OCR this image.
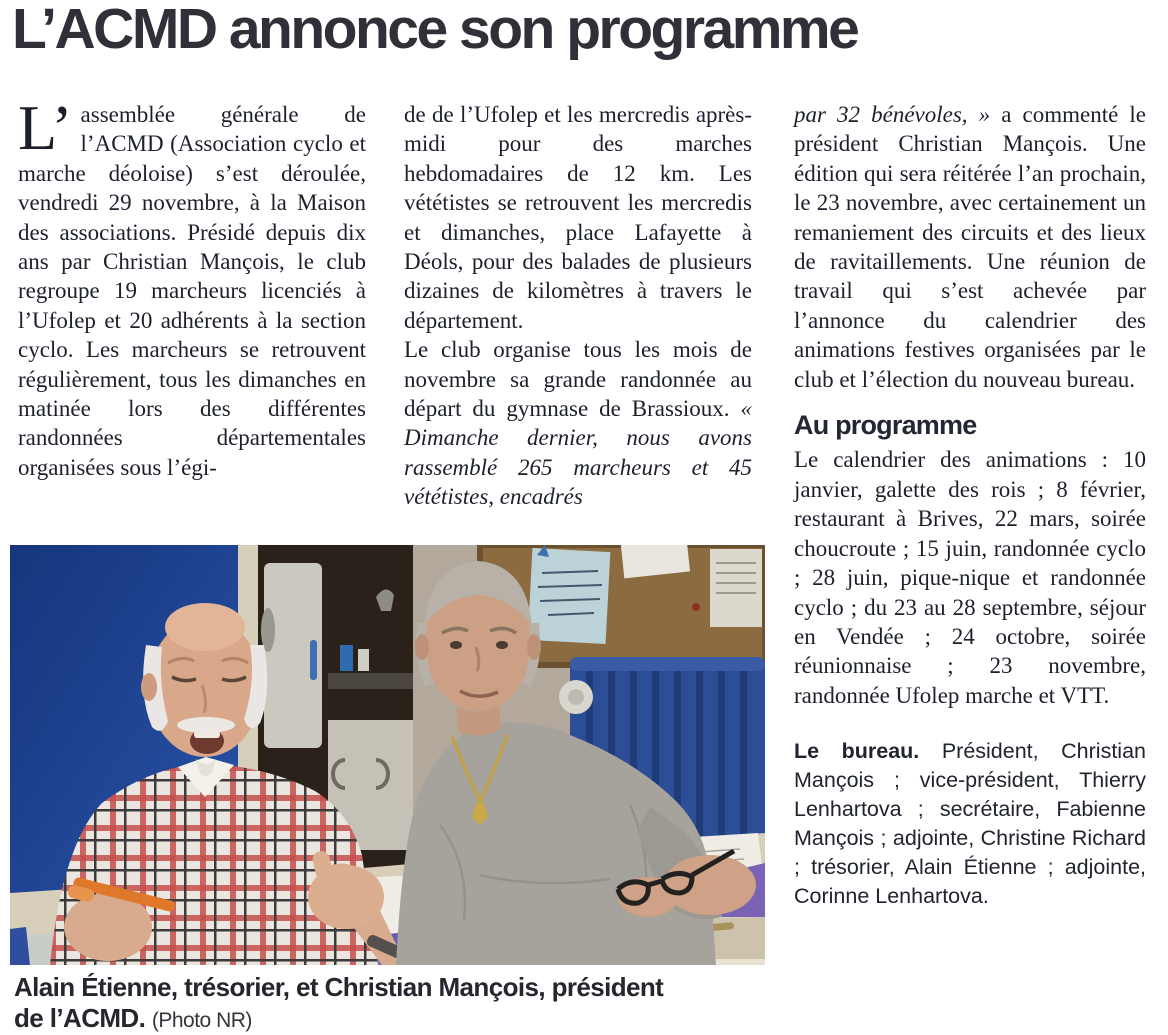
L’ACMD annonce son programme

L’ assemblée générale de l’ACMD (Association cyclo et marche déoloise) s’est déroulée, vendredi 29 novembre, à la Maison des associations. Présidé depuis dix ans par Christian Mançois, le club regroupe 19 marcheurs licenciés à l’Ufolep et 20 adhérents à la section cyclo. Les marcheurs se retrouvent régulièrement, tous les dimanches en matinée lors des différentes randonnées départementales organisées sous l’égi-

de de l’Ufolep et les mercredis après-midi pour des marches hebdomadaires de 12 km. Les vététistes se retrouvent les mercredis et dimanches, place Lafayette à Déols, pour des balades de plusieurs dizaines de kilomètres à travers le département.

Le club organise tous les mois de novembre sa grande randonnée au départ du gymnase de Brassioux. « Dimanche dernier, nous avons rassemblé 265 marcheurs et 45 vététistes, encadrés

par 32 bénévoles, » a commenté le président Christian Mançois. Une édition qui sera réitérée l’an prochain, le 23 novembre, avec certainement un remaniement des circuits et des lieux de ravitaillements. Une réunion de travail qui s’est achevée par l’annonce du calendrier des animations festives organisées par le club et l’élection du nouveau bureau.

Au programme

Le calendrier des animations : 10 janvier, galette des rois ; 8 février, restaurant à Brives, 22 mars, soirée choucroute ; 15 juin, randonnée cyclo ; 28 juin, pique-nique et randonnée cyclo ; du 23 au 28 septembre, séjour en Vendée ; 24 octobre, soirée réunionnaise ; 23 novembre, randonnée Ufolep marche et VTT.

Le bureau. Président, Christian Mançois ; vice-président, Thierry Lenhartova ; secrétaire, Fabienne Mançois ; adjointe, Christine Richard ; trésorier, Alain Étienne ; adjointe, Corinne Lenhartova.

Alain Étienne, trésorier, et Christian Mançois, président de l’ACMD. (Photo NR)
